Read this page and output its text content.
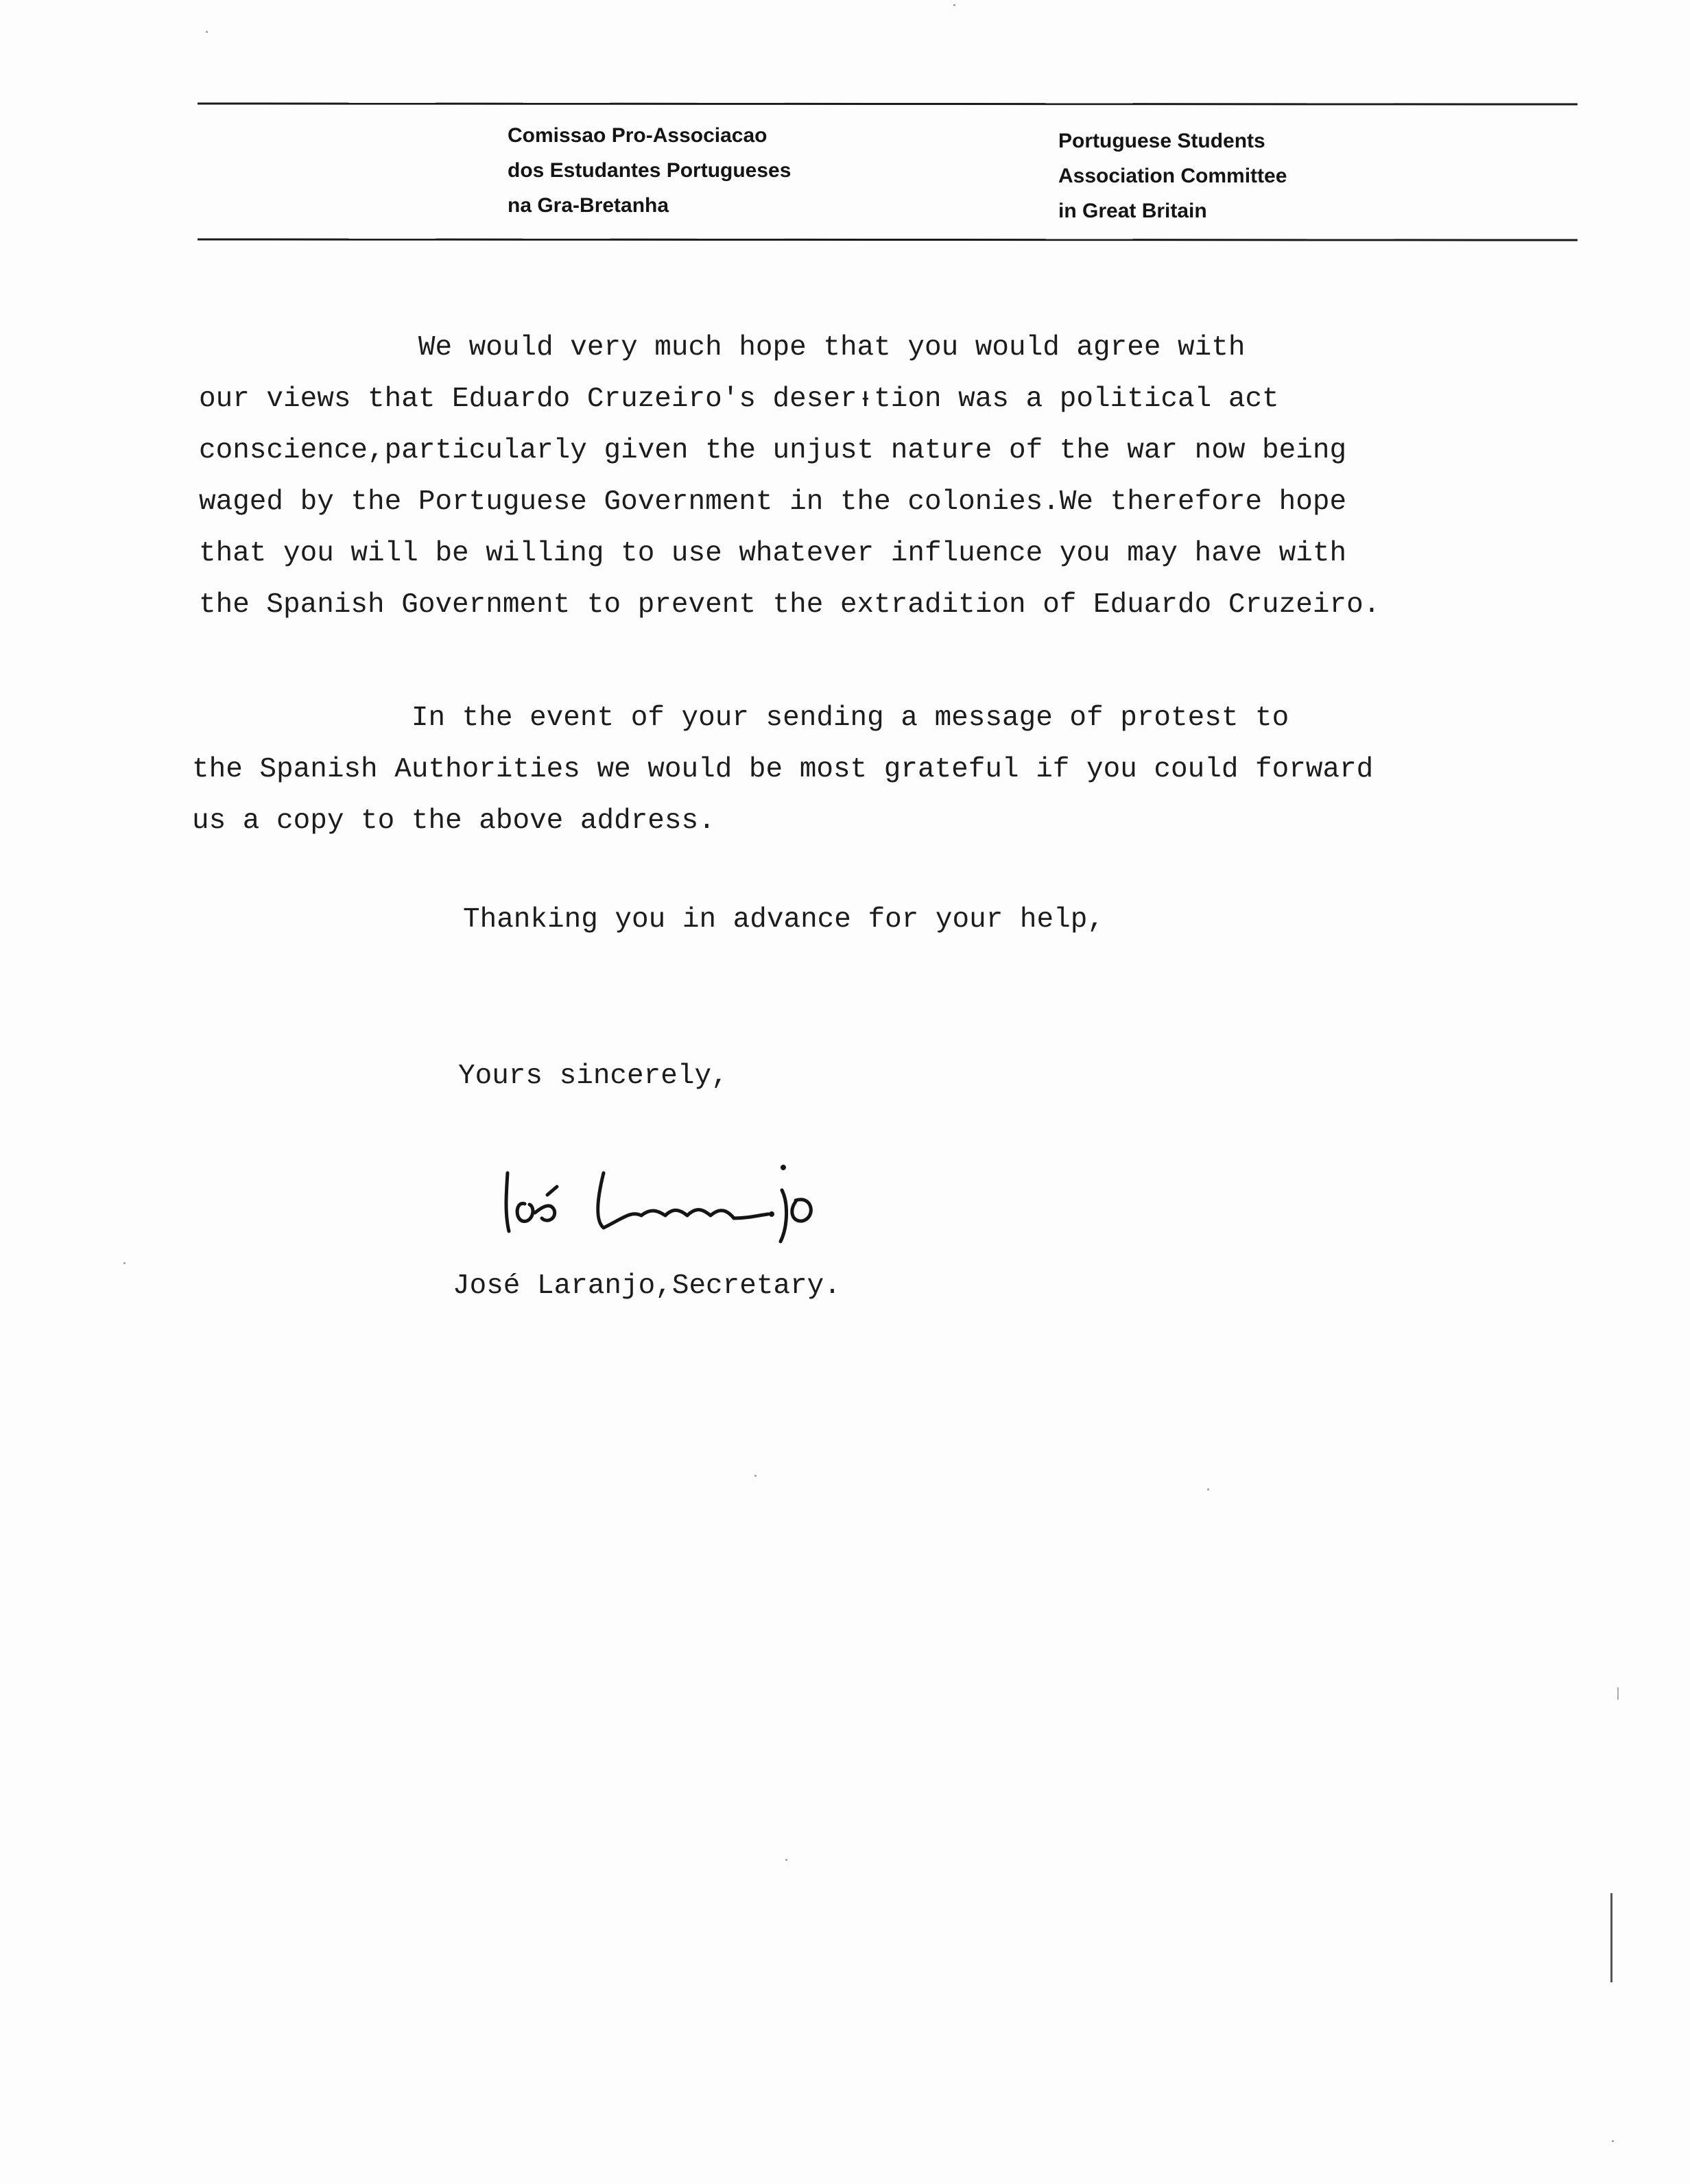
Comissao Pro-Associacao
dos Estudantes Portugueses
na Gra-Bretanha
Portuguese Students
Association Committee
in Great Britain
We would very much hope that you would agree with
our views that Eduardo Cruzeiro's deserᵼtion was a political act
conscience,particularly given the unjust nature of the war now being
waged by the Portuguese Government in the colonies.We therefore hope
that you will be willing to use whatever influence you may have with
the Spanish Government to prevent the extradition of Eduardo Cruzeiro.
In the event of your sending a message of protest to
the Spanish Authorities we would be most grateful if you could forward
us a copy to the above address.
Thanking you in advance for your help,
Yours sincerely,
José Laranjo,Secretary.
